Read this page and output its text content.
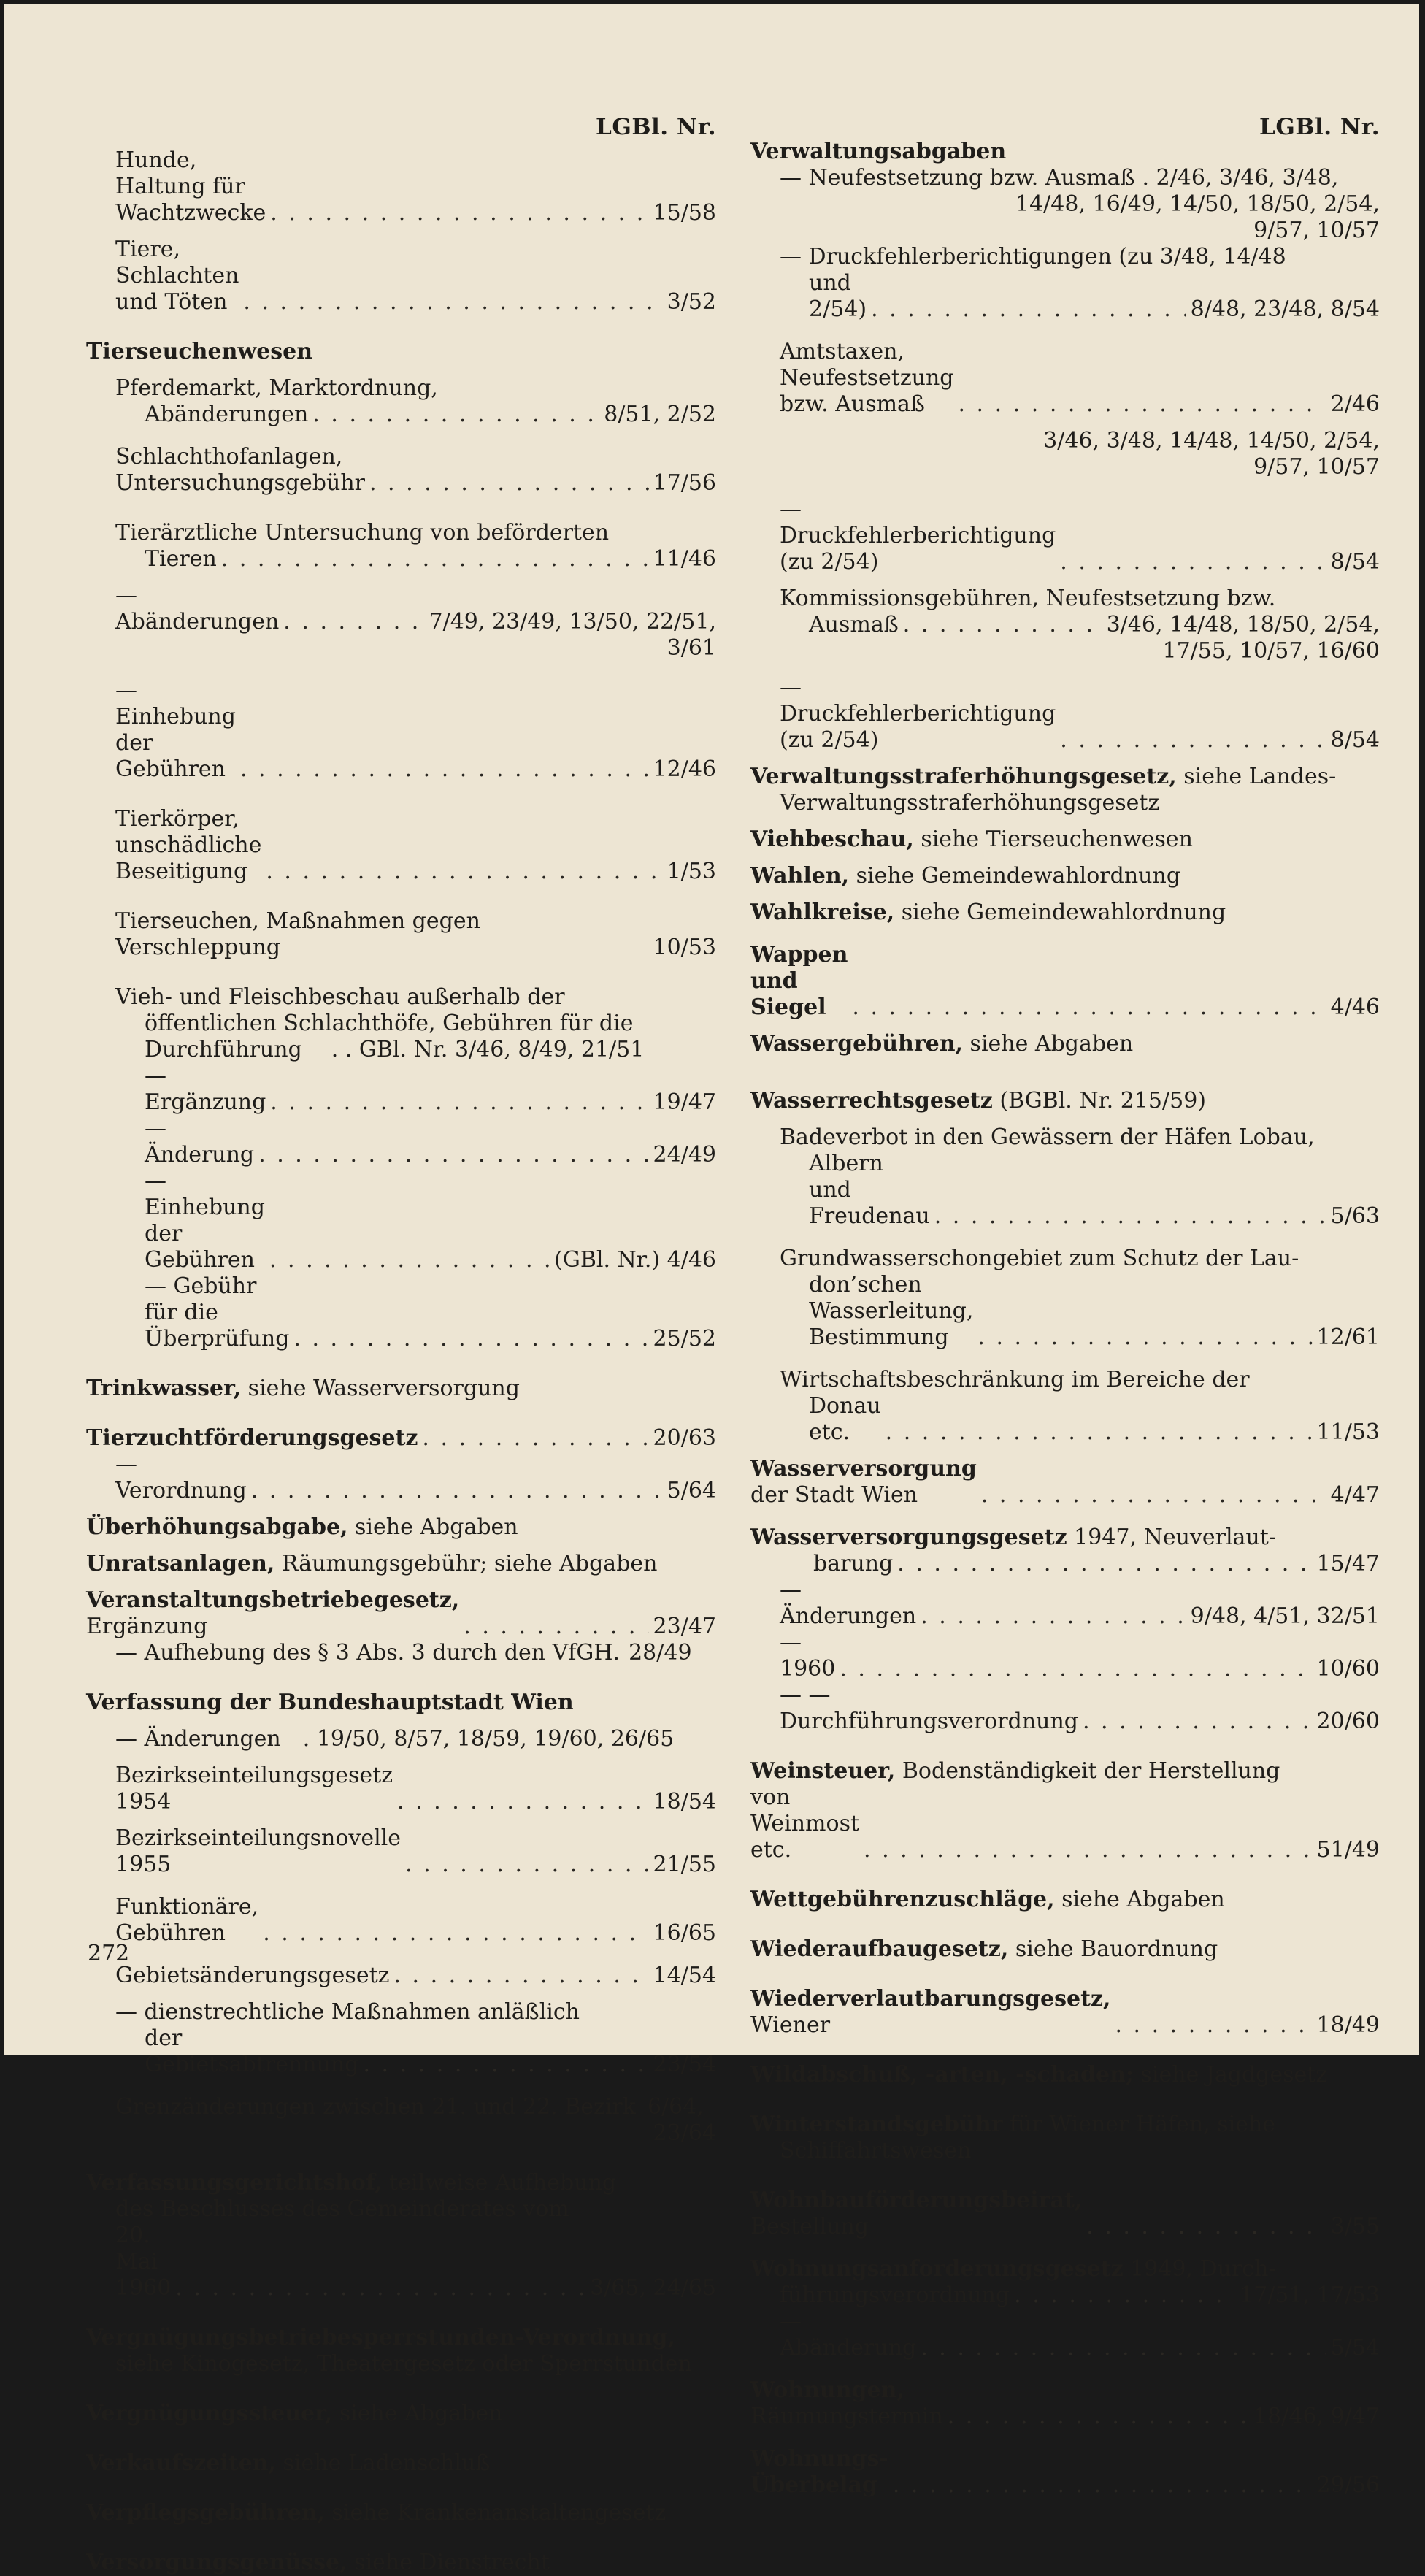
LGBl. Nr.
Hunde, Haltung für Wachtzwecke . . .	15/58
Tiere, Schlachten und Töten . . .	3/52
Tierseuchenwesen
Pferdemarkt, Marktordnung,
Abänderungen . . .	8/51, 2/52
Schlachthofanlagen, Untersuchungsgebühr . . .	17/56
Tierärztliche Untersuchung von beförderten
Tieren . . .	11/46
— Abänderungen . . .	7/49, 23/49, 13/50, 22/51,
3/61
— Einhebung der Gebühren . . .	12/46
Tierkörper, unschädliche Beseitigung . . .	1/53
Tierseuchen, Maßnahmen gegen Verschleppung	10/53
Vieh- und Fleischbeschau außerhalb der
öffentlichen Schlachthöfe, Gebühren für die
Durchführung . . GBl. Nr. 3/46, 8/49, 21/51
— Ergänzung . . .	19/47
— Änderung . . .	24/49
— Einhebung der Gebühren . . .	(GBl. Nr.) 4/46
— Gebühr für die Überprüfung . . .	25/52
Trinkwasser, siehe Wasserversorgung
Tierzuchtförderungsgesetz . . .	20/63
— Verordnung . . .	5/64
Überhöhungsabgabe, siehe Abgaben
Unratsanlagen, Räumungsgebühr; siehe Abgaben
Veranstaltungsbetriebegesetz, Ergänzung . . .	23/47
— Aufhebung des § 3 Abs. 3 durch den VfGH. 28/49
Verfassung der Bundeshauptstadt Wien
— Änderungen . 19/50, 8/57, 18/59, 19/60, 26/65
Bezirkseinteilungsgesetz 1954 . . .	18/54
Bezirkseinteilungsnovelle 1955 . . .	21/55
Funktionäre, Gebühren . . .	16/65
Gebietsänderungsgesetz . . .	14/54
— dienstrechtliche Maßnahmen anläßlich
der Gebietsabtrennung . . .	23/54
Grenzänderungen zwischen 21. und 22. Bezirk 6/64,
23/64
Verfassungsgerichtshof, teilweise Aufhebung
des Beschlusses des Gemeinderates vom
20. Mai 1960 . . .	3/65, 24/65
Vergnügungsbetriebesperrstunden-Verordnung,
siehe Kinogesetz, Theatergesetz oder Sperrstunden
Vergnügungssteuer, siehe Abgaben
Verkaufszeiten, siehe Ladenschluß
Verpflegsgebühren, siehe Krankenanstaltengesetz
Versorgungsgenüsse, siehe Dienstrecht
LGBl. Nr.
Verwaltungsabgaben
— Neufestsetzung bzw. Ausmaß . 2/46, 3/46, 3/48,
14/48, 16/49, 14/50, 18/50, 2/54,
9/57, 10/57
— Druckfehlerberichtigungen (zu 3/48, 14/48
und 2/54) . . .	8/48, 23/48, 8/54
Amtstaxen, Neufestsetzung bzw. Ausmaß . . .	2/46
3/46, 3/48, 14/48, 14/50, 2/54,
9/57, 10/57
— Druckfehlerberichtigung (zu 2/54) . . .	8/54
Kommissionsgebühren, Neufestsetzung bzw.
Ausmaß . . .	3/46, 14/48, 18/50, 2/54,
17/55, 10/57, 16/60
— Druckfehlerberichtigung (zu 2/54) . . .	8/54
Verwaltungsstraferhöhungsgesetz, siehe Landes-
Verwaltungsstraferhöhungsgesetz
Viehbeschau, siehe Tierseuchenwesen
Wahlen, siehe Gemeindewahlordnung
Wahlkreise, siehe Gemeindewahlordnung
Wappen und Siegel . . .	4/46
Wassergebühren, siehe Abgaben
Wasserrechtsgesetz (BGBl. Nr. 215/59)
Badeverbot in den Gewässern der Häfen Lobau,
Albern und Freudenau . . .	5/63
Grundwasserschongebiet zum Schutz der Lau-
don’schen Wasserleitung, Bestimmung . . .	12/61
Wirtschaftsbeschränkung im Bereiche der
Donau etc. . . .	11/53
Wasserversorgung der Stadt Wien . . .	4/47
Wasserversorgungsgesetz 1947, Neuverlaut-
barung . . .	15/47
— Änderungen . . .	9/48, 4/51, 32/51
— 1960 . . .	10/60
— — Durchführungsverordnung . . .	20/60
Weinsteuer, Bodenständigkeit der Herstellung
von Weinmost etc. . . .	51/49
Wettgebührenzuschläge, siehe Abgaben
Wiederaufbaugesetz, siehe Bauordnung
Wiederverlautbarungsgesetz, Wiener . . .	18/49
Wildabschuß, -arten, -schaden; siehe Jagdgesetz
Winterstandsgebühr für Wiener Häfen, siehe
Schiffahrtswesen
Wohnbauförderungsbeirat, Bestellung . . .	3/55
Wohnungsanforderungsgesetz 1949, Durch-
führungsverordnung . . .	17/51, 17/53
— Abänderung . . .	5/54
Wohnungen, Räumungstermin . . .	18/46, 9/47
Wohnungs-Überbelag . . .	29/56
272
